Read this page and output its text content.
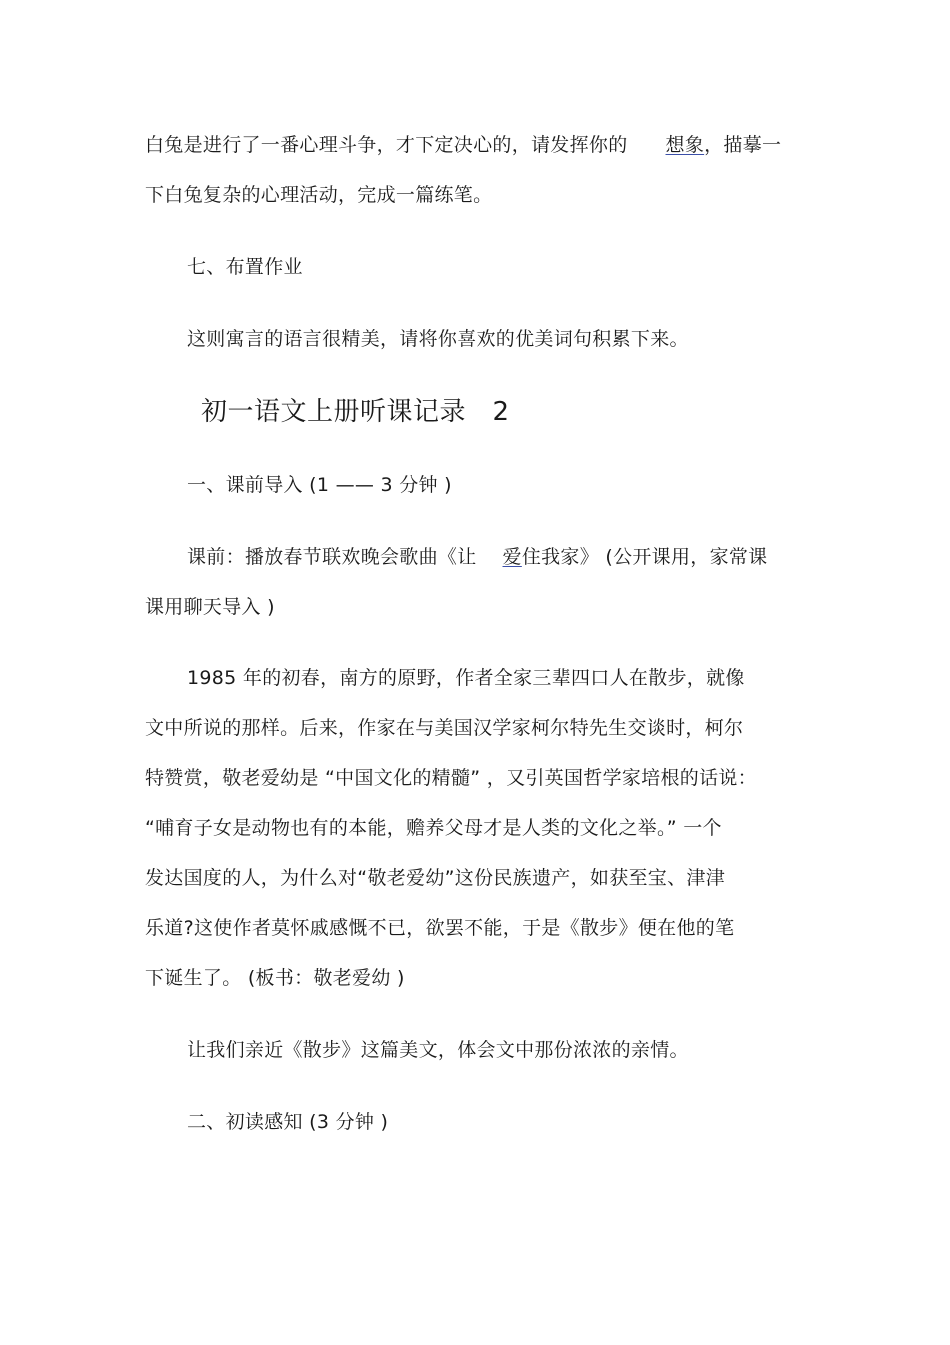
白兔是进行了一番心理斗争，才下定决心的，请发挥你的 想象，描摹一
下白兔复杂的心理活动，完成一篇练笔。
七、布置作业
这则寓言的语言很精美，请将你喜欢的优美词句积累下来。
初一语文上册听课记录　2
一、课前导入 (1 —— 3 分钟 )
课前：播放春节联欢晚会歌曲《让 爱住我家》 (公开课用，家常课
课用聊天导入 )
1985 年的初春，南方的原野，作者全家三辈四口人在散步，就像
文中所说的那样。后来，作家在与美国汉学家柯尔特先生交谈时，柯尔
特赞赏，敬老爱幼是 “中国文化的精髓” ，又引英国哲学家培根的话说：
“哺育子女是动物也有的本能，赡养父母才是人类的文化之举。” 一个
发达国度的人，为什么对“敬老爱幼”这份民族遗产，如获至宝、津津
乐道?这使作者莫怀戚感慨不已，欲罢不能，于是《散步》便在他的笔
下诞生了。 (板书：敬老爱幼 )
让我们亲近《散步》这篇美文，体会文中那份浓浓的亲情。
二、初读感知 (3 分钟 )
